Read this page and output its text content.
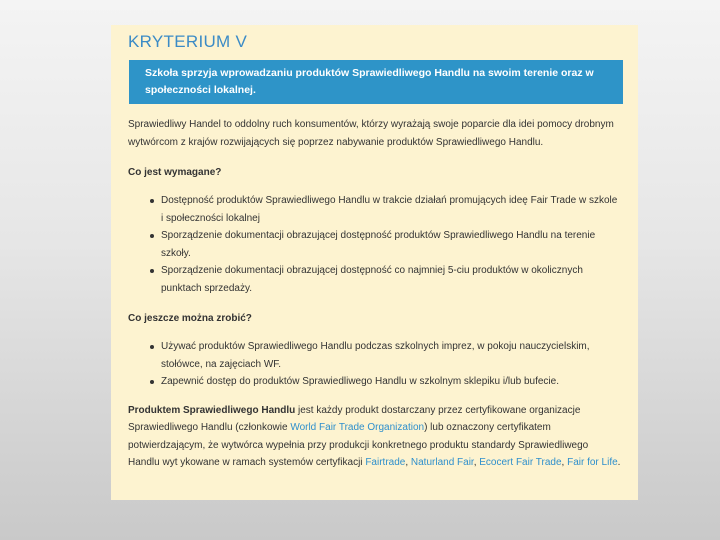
KRYTERIUM V
Szkoła sprzyja wprowadzaniu produktów Sprawiedliwego Handlu na swoim terenie oraz w społeczności lokalnej.

Sprawiedliwy Handel to oddolny ruch konsumentów, którzy wyrażają swoje poparcie dla idei pomocy drobnym wytwórcom z krajów rozwijających się poprzez nabywanie produktów Sprawiedliwego Handlu.

Co jest wymagane?
Dostępność produktów Sprawiedliwego Handlu w trakcie działań promujących ideę Fair Trade w szkole i społeczności lokalnej
Sporządzenie dokumentacji obrazującej dostępność produktów Sprawiedliwego Handlu na terenie szkoły.
Sporządzenie dokumentacji obrazującej dostępność co najmniej 5-ciu produktów w okolicznych punktach sprzedaży.
Co jeszcze można zrobić?
Używać produktów Sprawiedliwego Handlu podczas szkolnych imprez, w pokoju nauczycielskim, stołówce, na zajęciach WF.
Zapewnić dostęp do produktów Sprawiedliwego Handlu w szkolnym sklepiku i/lub bufecie.

Produktem Sprawiedliwego Handlu jest każdy produkt dostarczany przez certyfikowane organizacje Sprawiedliwego Handlu (członkowie World Fair Trade Organization) lub oznaczony certyfikatem potwierdzającym, że wytwórca wypełnia przy produkcji konkretnego produktu standardy Sprawiedliwego Handlu wyt ykowane w ramach systemów certyfikacji Fairtrade, Naturland Fair, Ecocert Fair Trade, Fair for Life.
